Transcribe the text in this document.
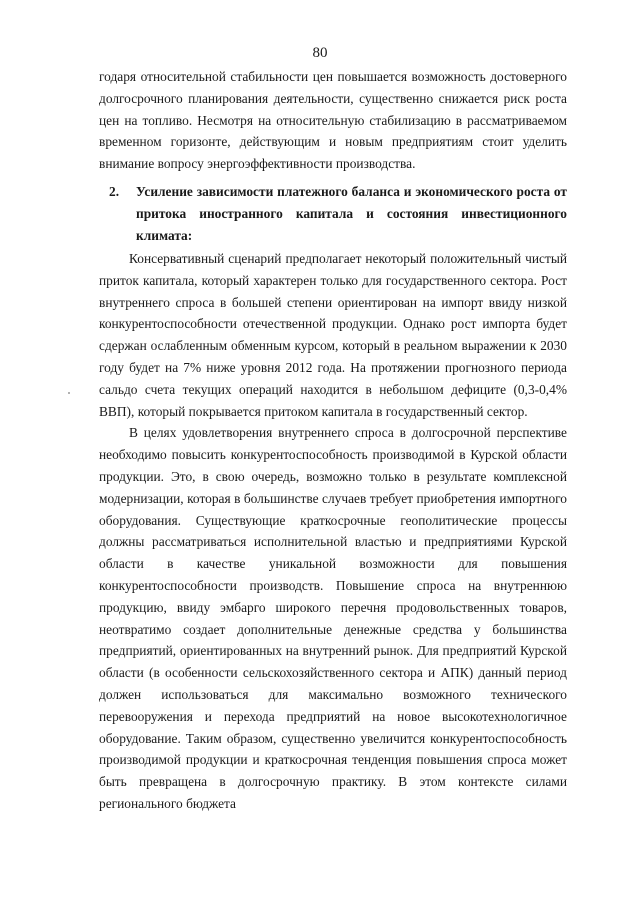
80

годаря относительной стабильности цен повышается возможность достоверного долгосрочного планирования деятельности, существенно снижается риск роста цен на топливо. Несмотря на относительную стабилизацию в рассматриваемом временном горизонте, действующим и новым предприятиям стоит уделить внимание вопросу энергоэффективности производства.

2.	Усиление зависимости платежного баланса и экономического роста от притока иностранного капитала и состояния инвестиционного климата:

Консервативный сценарий предполагает некоторый положительный чистый приток капитала, который характерен только для государственного сектора. Рост внутреннего спроса в большей степени ориентирован на импорт ввиду низкой конкурентоспособности отечественной продукции. Однако рост импорта будет сдержан ослабленным обменным курсом, который в реальном выражении к 2030 году будет на 7% ниже уровня 2012 года. На протяжении прогнозного периода сальдо счета текущих операций находится в небольшом дефиците (0,3-0,4% ВВП), который покрывается притоком капитала в государственный сектор.

В целях удовлетворения внутреннего спроса в долгосрочной перспективе необходимо повысить конкурентоспособность производимой в Курской области продукции. Это, в свою очередь, возможно только в результате комплексной модернизации, которая в большинстве случаев требует приобретения импортного оборудования. Существующие краткосрочные геополитические процессы должны рассматриваться исполнительной властью и предприятиями Курской области в качестве уникальной возможности для повышения конкурентоспособности производств. Повышение спроса на внутреннюю продукцию, ввиду эмбарго широкого перечня продовольственных товаров, неотвратимо создает дополнительные денежные средства у большинства предприятий, ориентированных на внутренний рынок. Для предприятий Курской области (в особенности сельскохозяйственного сектора и АПК) данный период должен использоваться для максимально возможного технического перевооружения и перехода предприятий на новое высокотехнологичное оборудование. Таким образом, существенно увеличится конкурентоспособность производимой продукции и краткосрочная тенденция повышения спроса может быть превращена в долгосрочную практику. В этом контексте силами регионального бюджета
